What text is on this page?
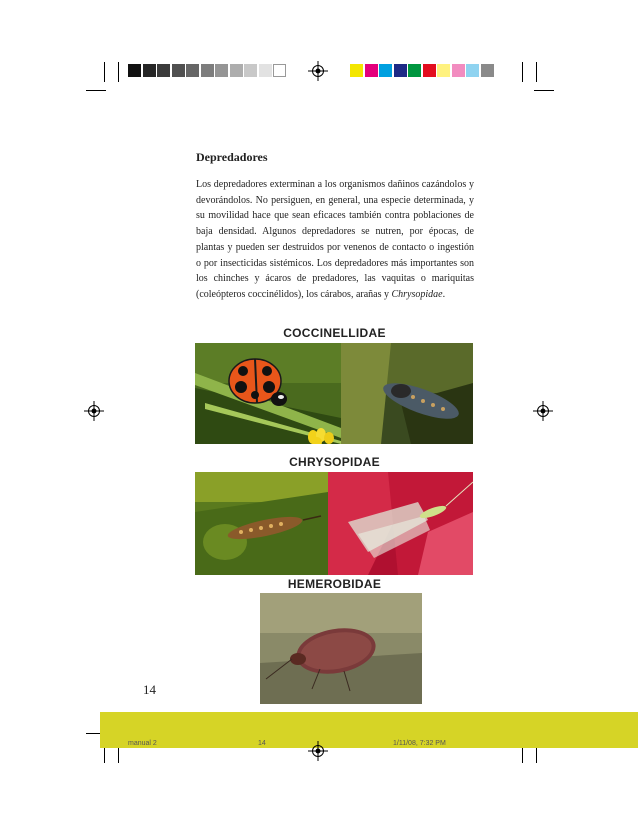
Depredadores

Los depredadores exterminan a los organismos dañinos cazándolos y devorándolos. No persiguen, en general, una especie determinada, y su movilidad hace que sean eficaces también contra poblaciones de baja densidad. Algunos depredadores se nutren, por épocas, de plantas y pueden ser destruidos por venenos de contacto o ingestión o por insecticidas sistémicos. Los depredadores más importantes son los chinches y ácaros de predadores, las vaquitas o mariquitas (coleópteros coccinélidos), los cárabos, arañas y Chrysopidae.

COCCINELLIDAE
CHRYSOPIDAE
HEMEROBIDAE
14
manual 2	14	1/11/08, 7:32 PM
